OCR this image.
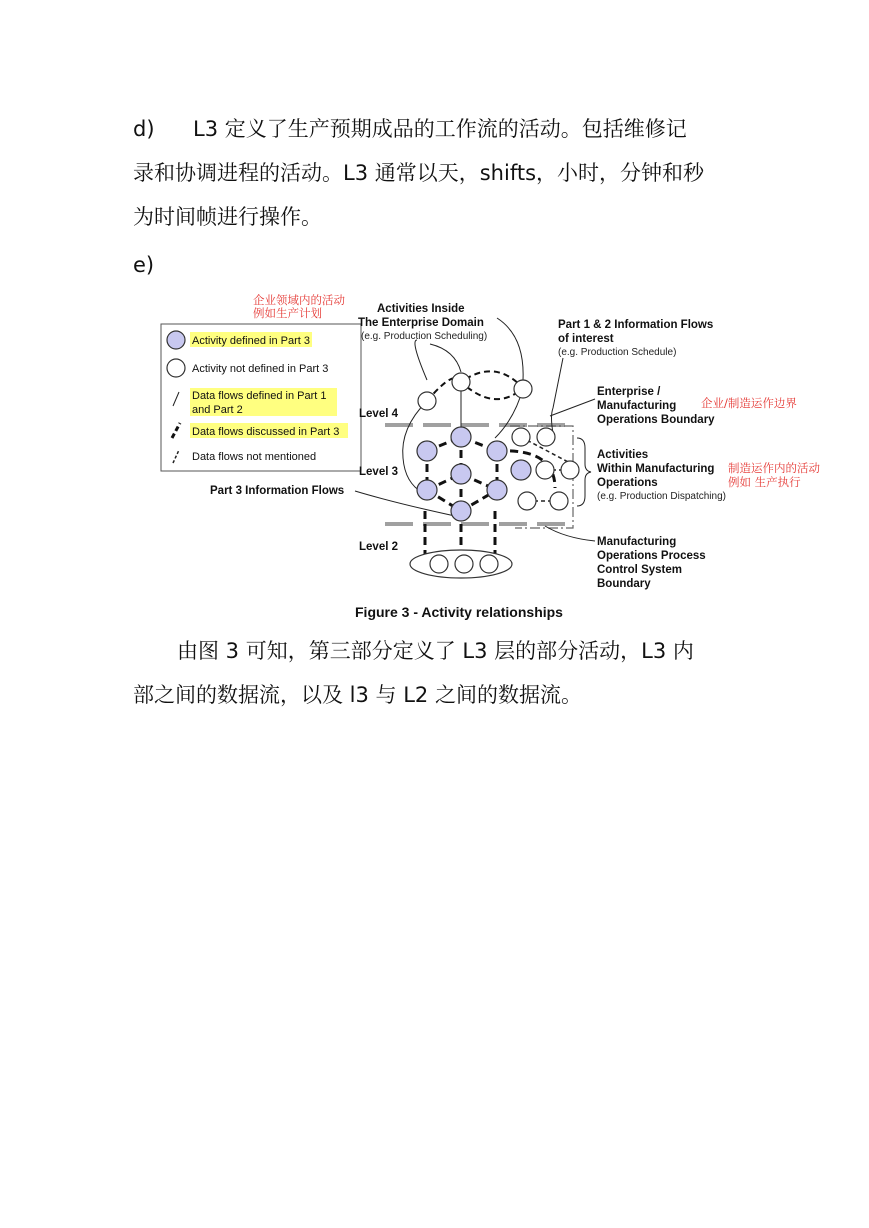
d) L3 定义了生产预期成品的工作流的活动。包括维修记
录和协调进程的活动。L3 通常以天，shifts，小时，分钟和秒
为时间帧进行操作。
e)
Activity defined in Part 3
Activity not defined in Part 3
Data flows defined in Part 1
and Part 2
Data flows discussed in Part 3
Data flows not mentioned
企业领域内的活动
例如生产计划	Activities Inside
The Enterprise Domain
(e.g. Production Scheduling)
Part 1 & 2 Information Flows
of interest
(e.g. Production Schedule)
Enterprise /
Manufacturing
Operations Boundary
企业/制造运作边界
Activities
Within Manufacturing
Operations
(e.g. Production Dispatching)
制造运作内的活动
例如 生产执行
Part 3 Information Flows
Manufacturing
Operations Process
Control System
Boundary
Level 4
Level 3
Level 2
Figure 3 - Activity relationships
由图 3 可知，第三部分定义了 L3 层的部分活动，L3 内
部之间的数据流，以及 l3 与 L2 之间的数据流。
